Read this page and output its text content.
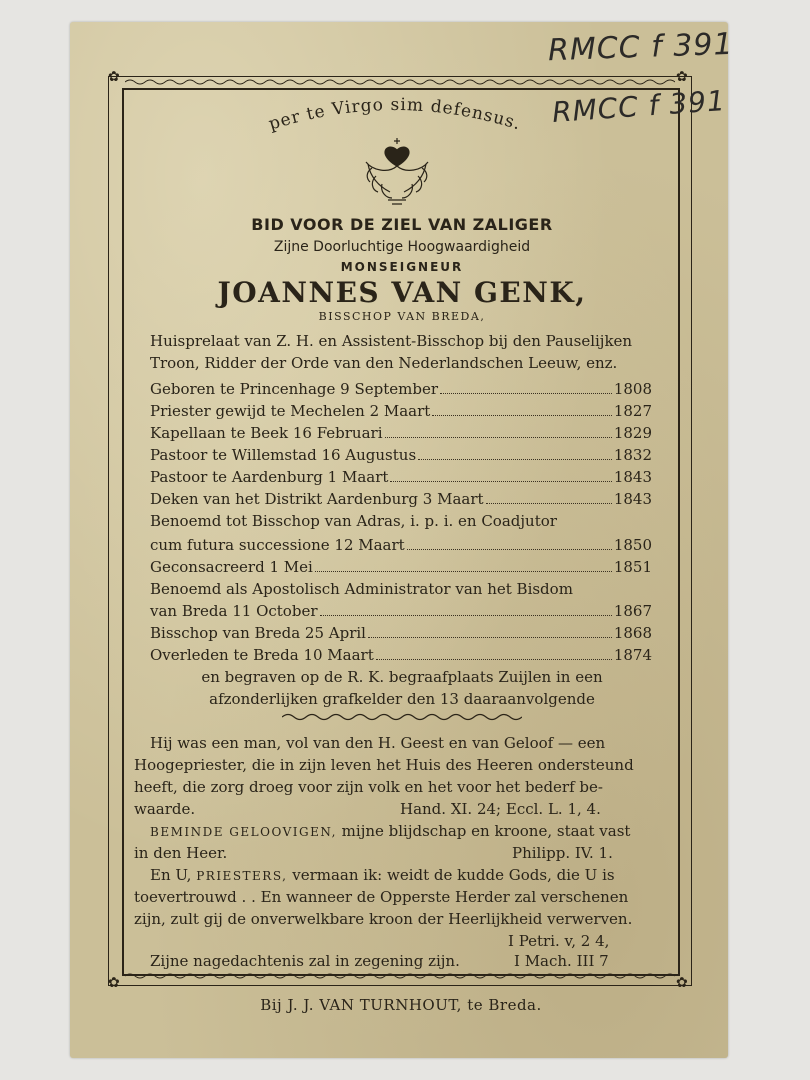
✿	✿
✿	✿
RMCC f 391
RMCC f 391
per te Virgo sim defensus.
BID VOOR DE ZIEL VAN ZALIGER
Zijne Doorluchtige Hoogwaardigheid
MONSEIGNEUR
JOANNES VAN GENK,
BISSCHOP VAN BREDA,
Huisprelaat van Z. H. en Assistent-Bisschop bij den Pauselijken
Troon, Ridder der Orde van den Nederlandschen Leeuw, enz.
Geboren te Princenhage 9 September	1808
Priester gewijd te Mechelen 2 Maart	1827
Kapellaan te Beek 16 Februari	1829
Pastoor te Willemstad 16 Augustus	1832
Pastoor te Aardenburg 1 Maart	1843
Deken van het Distrikt Aardenburg 3 Maart	1843
Benoemd tot Bisschop van Adras, i. p. i. en Coadjutor
cum futura successione 12 Maart	1850
Geconsacreerd 1 Mei	1851
Benoemd als Apostolisch Administrator van het Bisdom
van Breda 11 October	1867
Bisschop van Breda 25 April	1868
Overleden te Breda 10 Maart	1874
en begraven op de R. K. begraafplaats Zuijlen in een
afzonderlijken grafkelder den 13 daaraanvolgende
Hij was een man, vol van den H. Geest en van Geloof — een
Hoogepriester, die in zijn leven het Huis des Heeren ondersteund
heeft, die zorg droeg voor zijn volk en het voor het bederf be-
waarde.	Hand. XI. 24; Eccl. L. 1, 4.
BEMINDE GELOOVIGEN, mijne blijdschap en kroone, staat vast
in den Heer.	Philipp. IV. 1.
En U, PRIESTERS, vermaan ik: weidt de kudde Gods, die U is
toevertrouwd . . En wanneer de Opperste Herder zal verschenen
zijn, zult gij de onverwelkbare kroon der Heerlijkheid verwerven.
I Petri. v, 2 4,
Zijne nagedachtenis zal in zegening zijn.	I Mach. III 7
Bij J. J. VAN TURNHOUT, te Breda.
